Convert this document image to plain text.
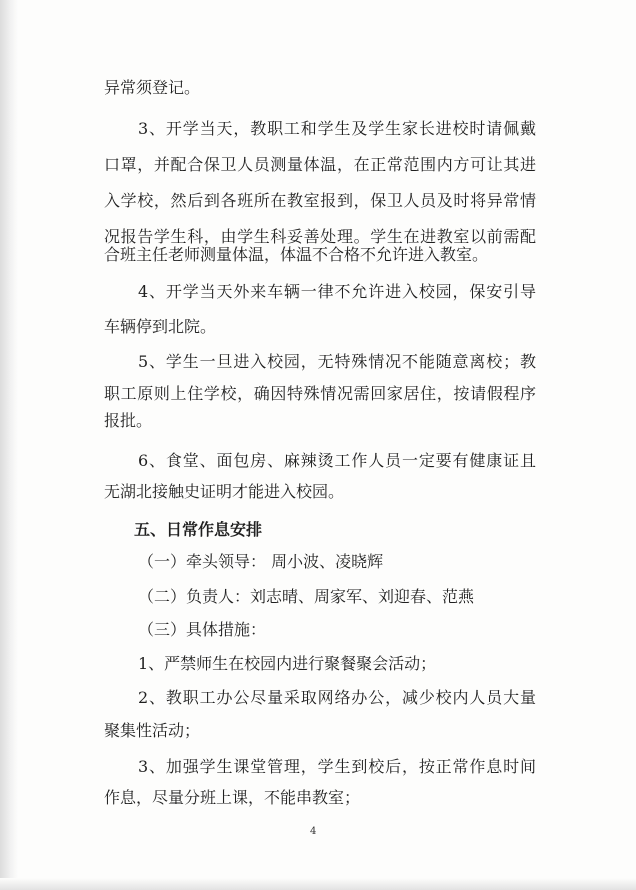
异常须登记。

3、开学当天，教职工和学生及学生家长进校时请佩戴

口罩，并配合保卫人员测量体温，在正常范围内方可让其进

入学校，然后到各班所在教室报到，保卫人员及时将异常情

况报告学生科，由学生科妥善处理。学生在进教室以前需配

合班主任老师测量体温，体温不合格不允许进入教室。

4、开学当天外来车辆一律不允许进入校园，保安引导

车辆停到北院。

5、学生一旦进入校园，无特殊情况不能随意离校；教

职工原则上住学校，确因特殊情况需回家居住，按请假程序

报批。

6、食堂、面包房、麻辣烫工作人员一定要有健康证且

无湖北接触史证明才能进入校园。

五、日常作息安排

（一）牵头领导： 周小波、凌晓辉

（二）负责人：刘志晴、周家军、刘迎春、范燕

（三）具体措施：

1、严禁师生在校园内进行聚餐聚会活动；

2、教职工办公尽量采取网络办公，减少校内人员大量

聚集性活动；

3、加强学生课堂管理，学生到校后，按正常作息时间

作息，尽量分班上课，不能串教室；

4
